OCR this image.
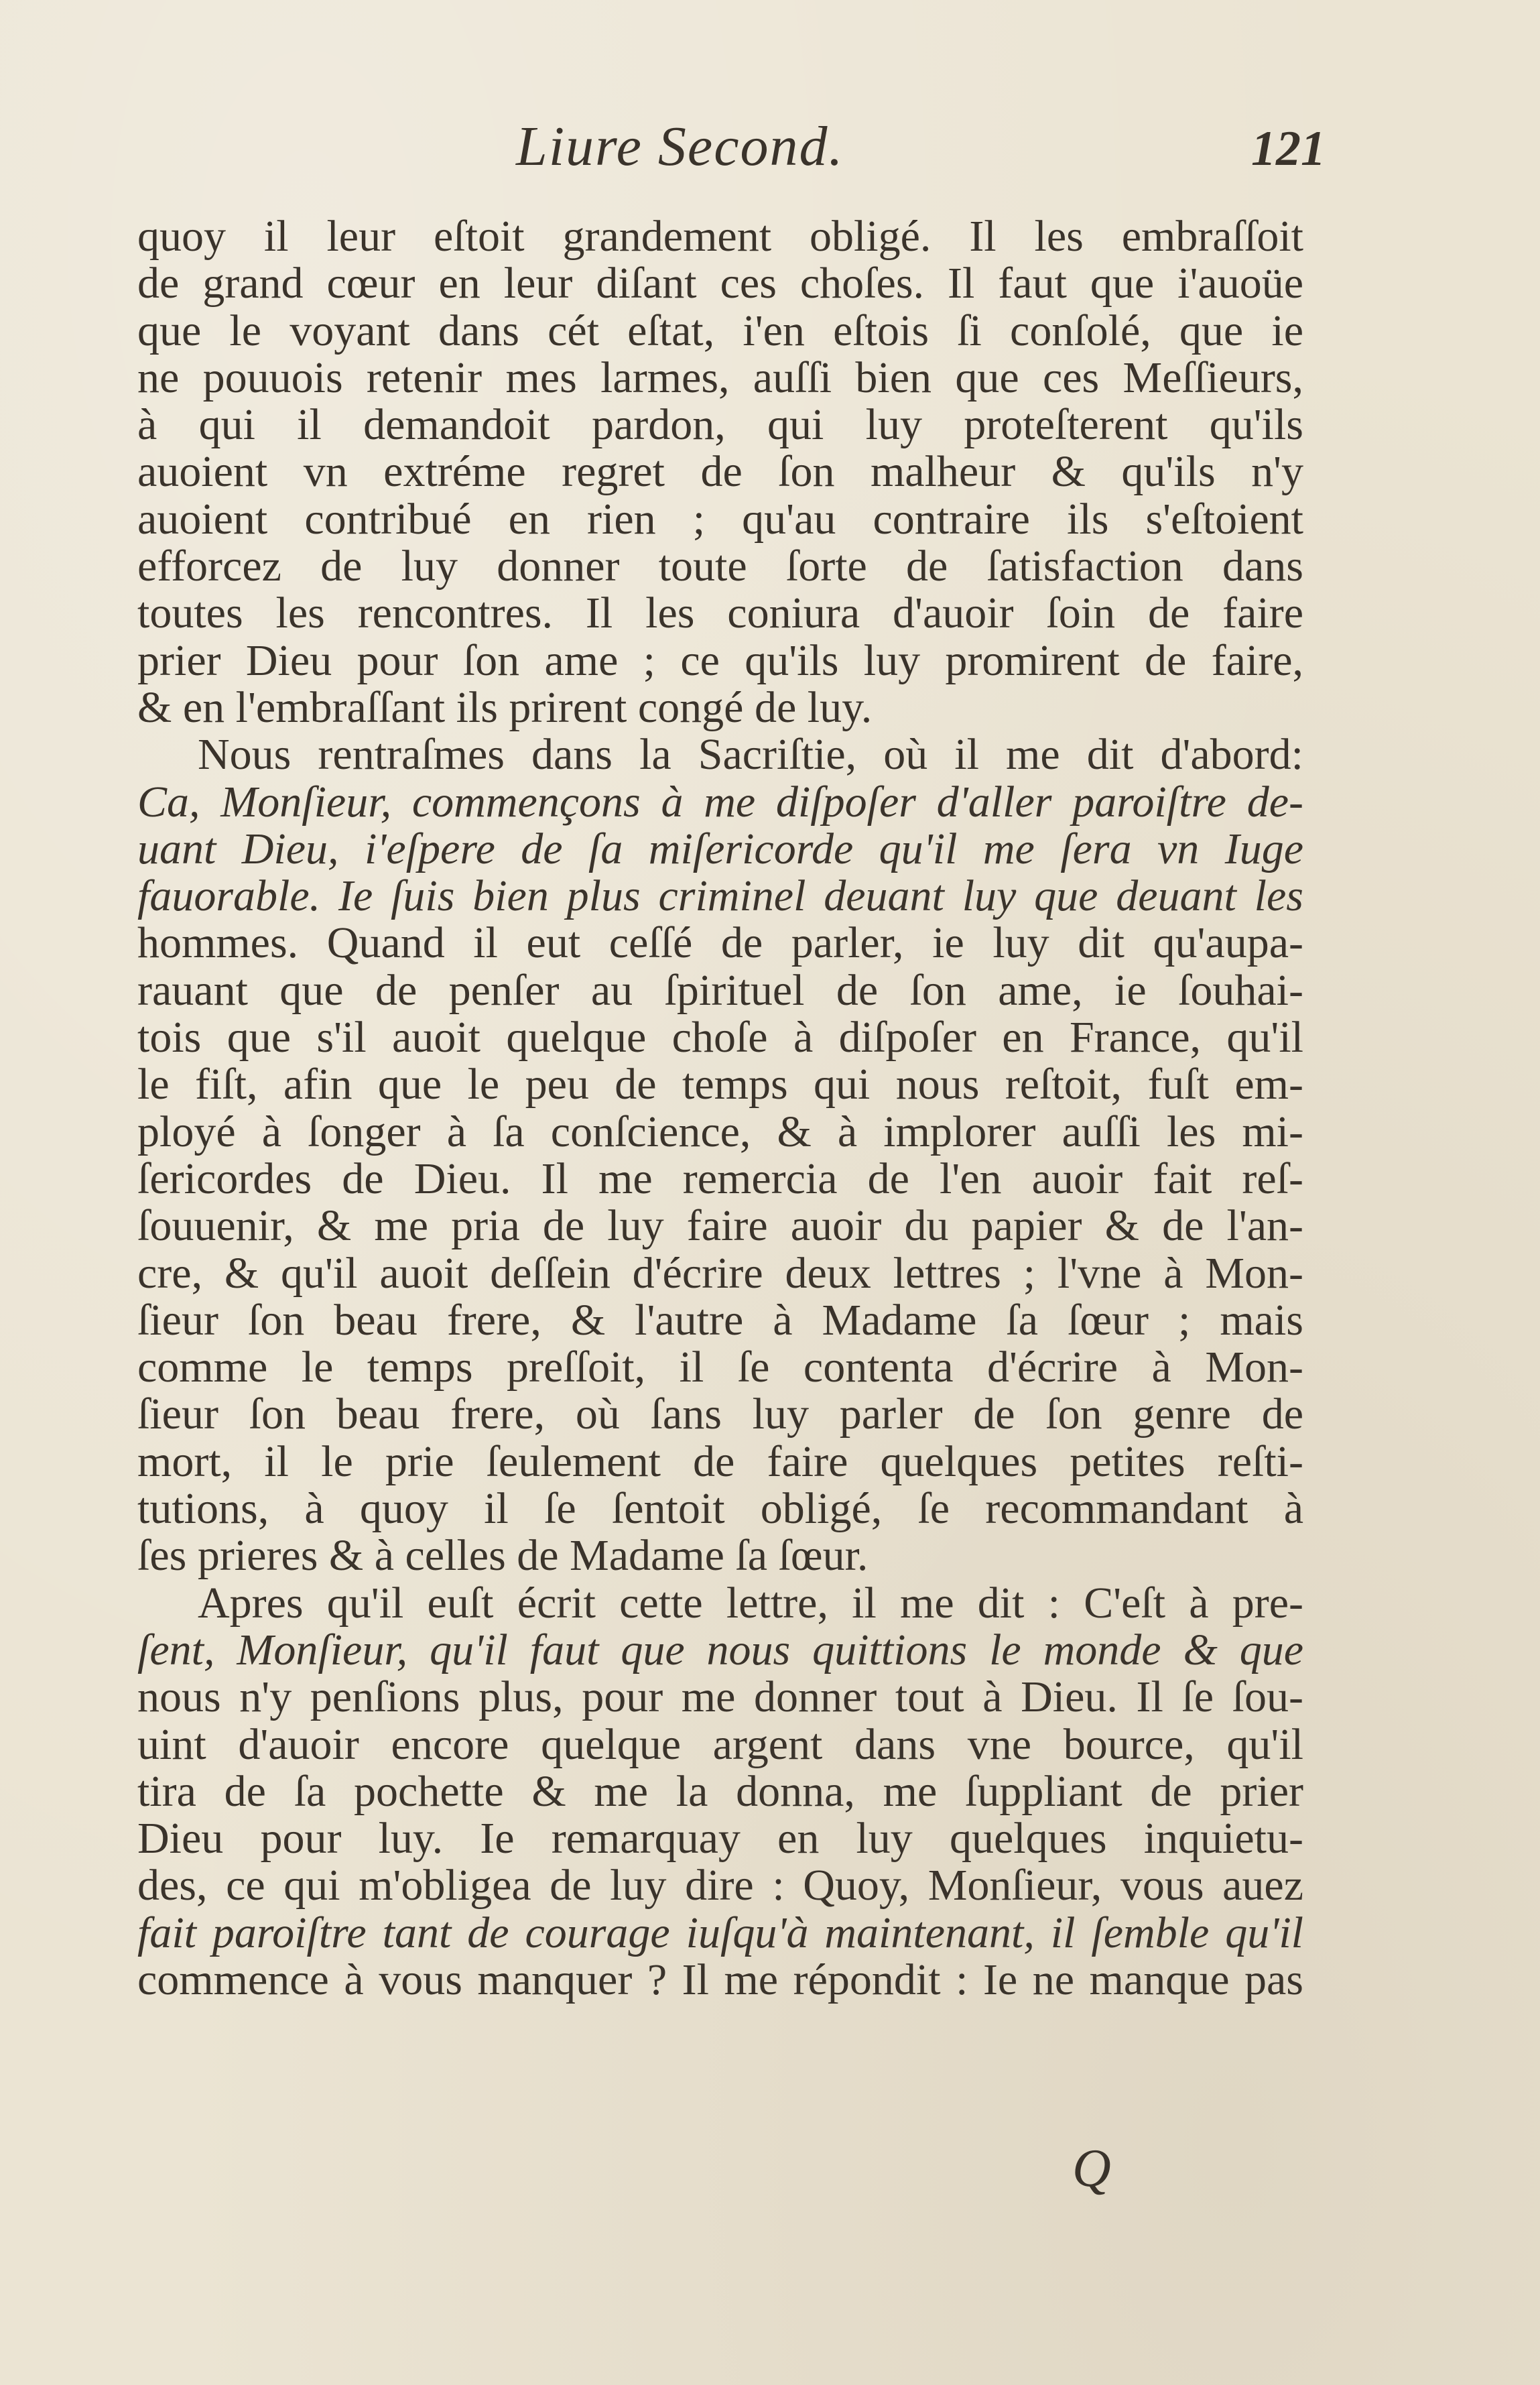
Liure Second.	121
quoy il leur eſtoit grandement obligé. Il les embraſſoit
de grand cœur en leur diſant ces choſes. Il faut que i'auoüe
que le voyant dans cét eſtat, i'en eſtois ſi conſolé, que ie
ne pouuois retenir mes larmes, auſſi bien que ces Meſſieurs,
à qui il demandoit pardon, qui luy proteſterent qu'ils
auoient vn extréme regret de ſon malheur & qu'ils n'y
auoient contribué en rien ; qu'au contraire ils s'eſtoient
efforcez de luy donner toute ſorte de ſatisfaction dans
toutes les rencontres. Il les coniura d'auoir ſoin de faire
prier Dieu pour ſon ame ; ce qu'ils luy promirent de faire,
& en l'embraſſant ils prirent congé de luy.
Nous rentraſmes dans la Sacriſtie, où il me dit d'abord:
Ca, Monſieur, commençons à me diſpoſer d'aller paroiſtre de-
uant Dieu, i'eſpere de ſa miſericorde qu'il me ſera vn Iuge
fauorable. Ie ſuis bien plus criminel deuant luy que deuant les
hommes. Quand il eut ceſſé de parler, ie luy dit qu'aupa-
rauant que de penſer au ſpirituel de ſon ame, ie ſouhai-
tois que s'il auoit quelque choſe à diſpoſer en France, qu'il
le fiſt, afin que le peu de temps qui nous reſtoit, fuſt em-
ployé à ſonger à ſa conſcience, & à implorer auſſi les mi-
ſericordes de Dieu. Il me remercia de l'en auoir fait reſ-
ſouuenir, & me pria de luy faire auoir du papier & de l'an-
cre, & qu'il auoit deſſein d'écrire deux lettres ; l'vne à Mon-
ſieur ſon beau frere, & l'autre à Madame ſa ſœur ; mais
comme le temps preſſoit, il ſe contenta d'écrire à Mon-
ſieur ſon beau frere, où ſans luy parler de ſon genre de
mort, il le prie ſeulement de faire quelques petites reſti-
tutions, à quoy il ſe ſentoit obligé, ſe recommandant à
ſes prieres & à celles de Madame ſa ſœur.
Apres qu'il euſt écrit cette lettre, il me dit : C'eſt à pre-
ſent, Monſieur, qu'il faut que nous quittions le monde & que
nous n'y penſions plus, pour me donner tout à Dieu. Il ſe ſou-
uint d'auoir encore quelque argent dans vne bource, qu'il
tira de ſa pochette & me la donna, me ſuppliant de prier
Dieu pour luy. Ie remarquay en luy quelques inquietu-
des, ce qui m'obligea de luy dire : Quoy, Monſieur, vous auez
fait paroiſtre tant de courage iuſqu'à maintenant, il ſemble qu'il
commence à vous manquer ? Il me répondit : Ie ne manque pas
Q
